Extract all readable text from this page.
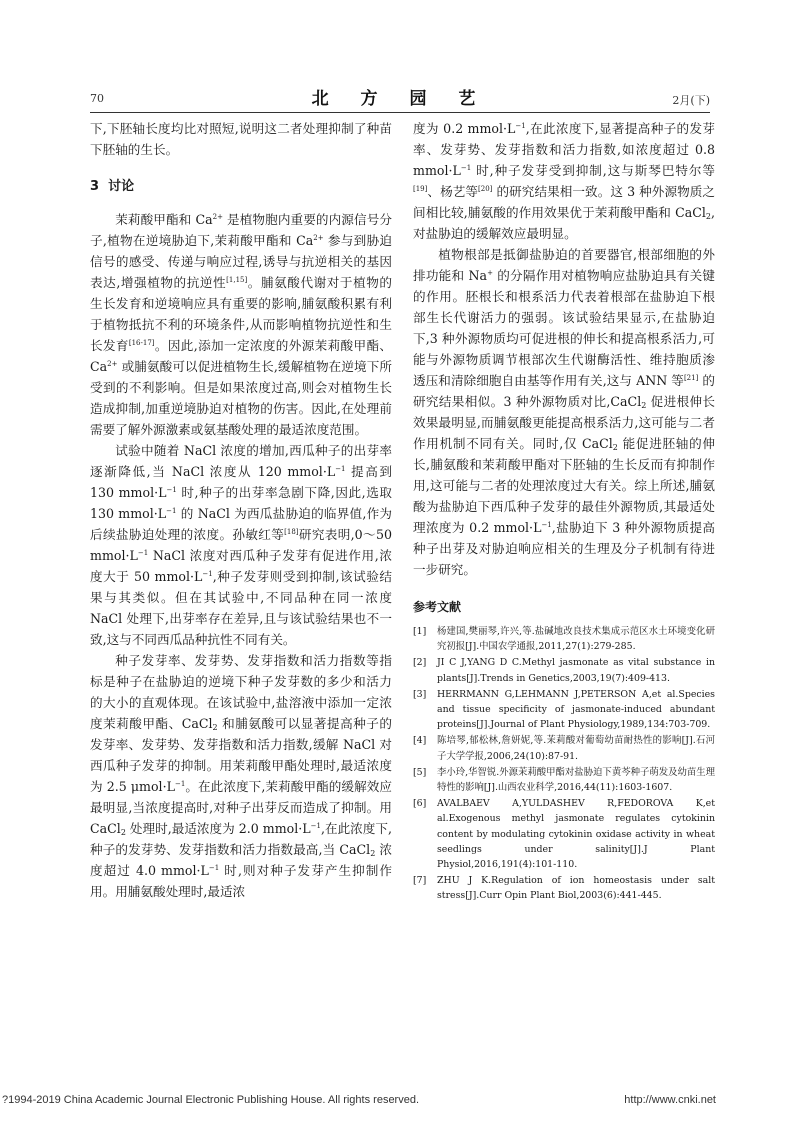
70	北 方 园 艺	2月(下)

下,下胚轴长度均比对照短,说明这二者处理抑制了种苗下胚轴的生长。

3 讨论

茉莉酸甲酯和 $Ca^{2+}$ 是植物胞内重要的内源信号分子,植物在逆境胁迫下,茉莉酸甲酯和 $Ca^{2+}$ 参与到胁迫信号的感受、传递与响应过程,诱导与抗逆相关的基因表达,增强植物的抗逆性[1,15]。脯氨酸代谢对于植物的生长发育和逆境响应具有重要的影响,脯氨酸积累有利于植物抵抗不利的环境条件,从而影响植物抗逆性和生长发育[16-17]。因此,添加一定浓度的外源茉莉酸甲酯、$Ca^{2+}$ 或脯氨酸可以促进植物生长,缓解植物在逆境下所受到的不利影响。但是如果浓度过高,则会对植物生长造成抑制,加重逆境胁迫对植物的伤害。因此,在处理前需要了解外源激素或氨基酸处理的最适浓度范围。

试验中随着 NaCl 浓度的增加,西瓜种子的出芽率逐渐降低,当 NaCl 浓度从 120 $mmol\cdot L^{-1}$ 提高到 130 $mmol\cdot L^{-1}$ 时,种子的出芽率急剧下降,因此,选取 130 $mmol\cdot L^{-1}$ 的 NaCl 为西瓜盐胁迫的临界值,作为后续盐胁迫处理的浓度。孙敏红等[18]研究表明,0～50 $mmol\cdot L^{-1}$ NaCl 浓度对西瓜种子发芽有促进作用,浓度大于 50 $mmol\cdot L^{-1}$,种子发芽则受到抑制,该试验结果与其类似。但在其试验中,不同品种在同一浓度 NaCl 处理下,出芽率存在差异,且与该试验结果也不一致,这与不同西瓜品种抗性不同有关。

种子发芽率、发芽势、发芽指数和活力指数等指标是种子在盐胁迫的逆境下种子发芽数的多少和活力的大小的直观体现。在该试验中,盐溶液中添加一定浓度茉莉酸甲酯、CaCl$_2$ 和脯氨酸可以显著提高种子的发芽率、发芽势、发芽指数和活力指数,缓解 NaCl 对西瓜种子发芽的抑制。用茉莉酸甲酯处理时,最适浓度为 2.5 $\mu mol\cdot L^{-1}$。在此浓度下,茉莉酸甲酯的缓解效应最明显,当浓度提高时,对种子出芽反而造成了抑制。用 CaCl$_2$ 处理时,最适浓度为 2.0 $mmol\cdot L^{-1}$,在此浓度下,种子的发芽势、发芽指数和活力指数最高,当 CaCl$_2$ 浓度超过 4.0 $mmol\cdot L^{-1}$ 时,则对种子发芽产生抑制作用。用脯氨酸处理时,最适浓

度为 0.2 $mmol\cdot L^{-1}$,在此浓度下,显著提高种子的发芽率、发芽势、发芽指数和活力指数,如浓度超过 0.8 $mmol\cdot L^{-1}$ 时,种子发芽受到抑制,这与斯琴巴特尔等[19]、杨艺等[20] 的研究结果相一致。这 3 种外源物质之间相比较,脯氨酸的作用效果优于茉莉酸甲酯和 CaCl$_2$,对盐胁迫的缓解效应最明显。

植物根部是抵御盐胁迫的首要器官,根部细胞的外排功能和 Na+ 的分隔作用对植物响应盐胁迫具有关键的作用。胚根长和根系活力代表着根部在盐胁迫下根部生长代谢活力的强弱。该试验结果显示,在盐胁迫下,3 种外源物质均可促进根的伸长和提高根系活力,可能与外源物质调节根部次生代谢酶活性、维持胞质渗透压和清除细胞自由基等作用有关,这与 ANN 等[21] 的研究结果相似。3 种外源物质对比,CaCl$_2$ 促进根伸长效果最明显,而脯氨酸更能提高根系活力,这可能与二者作用机制不同有关。同时,仅 CaCl$_2$ 能促进胚轴的伸长,脯氨酸和茉莉酸甲酯对下胚轴的生长反而有抑制作用,这可能与二者的处理浓度过大有关。综上所述,脯氨酸为盐胁迫下西瓜种子发芽的最佳外源物质,其最适处理浓度为 0.2 $mmol\cdot L^{-1}$,盐胁迫下 3 种外源物质提高种子出芽及对胁迫响应相关的生理及分子机制有待进一步研究。

参考文献
[1]	杨建国,樊丽琴,许兴,等.盐碱地改良技术集成示范区水土环境变化研究初报[J].中国农学通报,2011,27(1):279-285.
[2]	JI C J,YANG D C.Methyl jasmonate as vital substance in plants[J].Trends in Genetics,2003,19(7):409-413.
[3]	HERRMANN G,LEHMANN J,PETERSON A,et al.Species and tissue specificity of jasmonate-induced abundant proteins[J].Journal of Plant Physiology,1989,134:703-709.
[4]	陈培琴,郁松林,詹妍妮,等.茉莉酸对葡萄幼苗耐热性的影响[J].石河子大学学报,2006,24(10):87-91.
[5]	李小玲,华智锐.外源茉莉酸甲酯对盐胁迫下黄芩种子萌发及幼苗生理特性的影响[J].山西农业科学,2016,44(11):1603-1607.
[6]	AVALBAEV A,YULDASHEV R,FEDOROVA K,et al.Exogenous methyl jasmonate regulates cytokinin content by modulating cytokinin oxidase activity in wheat seedlings under salinity[J].J Plant Physiol,2016,191(4):101-110.
[7]	ZHU J K.Regulation of ion homeostasis under salt stress[J].Curr Opin Plant Biol,2003(6):441-445.
?1994-2019 China Academic Journal Electronic Publishing House. All rights reserved.	http://www.cnki.net
